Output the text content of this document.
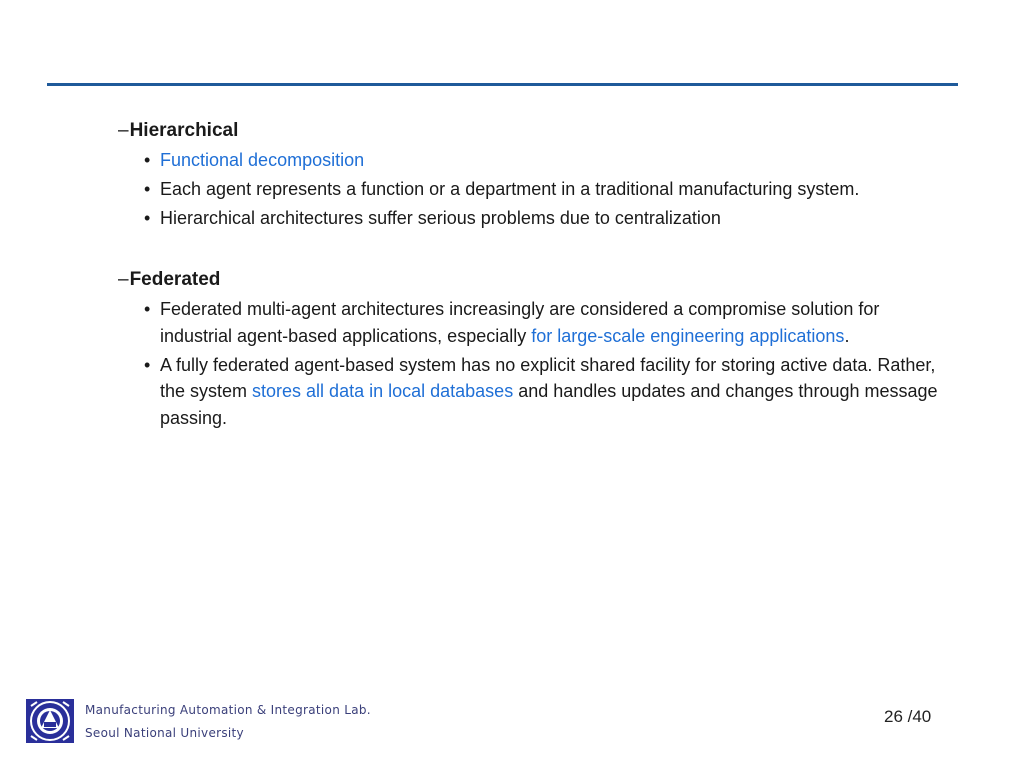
–Hierarchical

• Functional decomposition
• Each agent represents a function or a department in a traditional manufacturing system.
• Hierarchical architectures suffer serious problems due to centralization

–Federated

• Federated multi-agent architectures increasingly are considered a compromise solution for industrial agent-based applications, especially for large-scale engineering applications.
• A fully federated agent-based system has no explicit shared facility for storing active data. Rather, the system stores all data in local databases and handles updates and changes through message passing.
Manufacturing Automation & Integration Lab.
Seoul National University
26 /40
